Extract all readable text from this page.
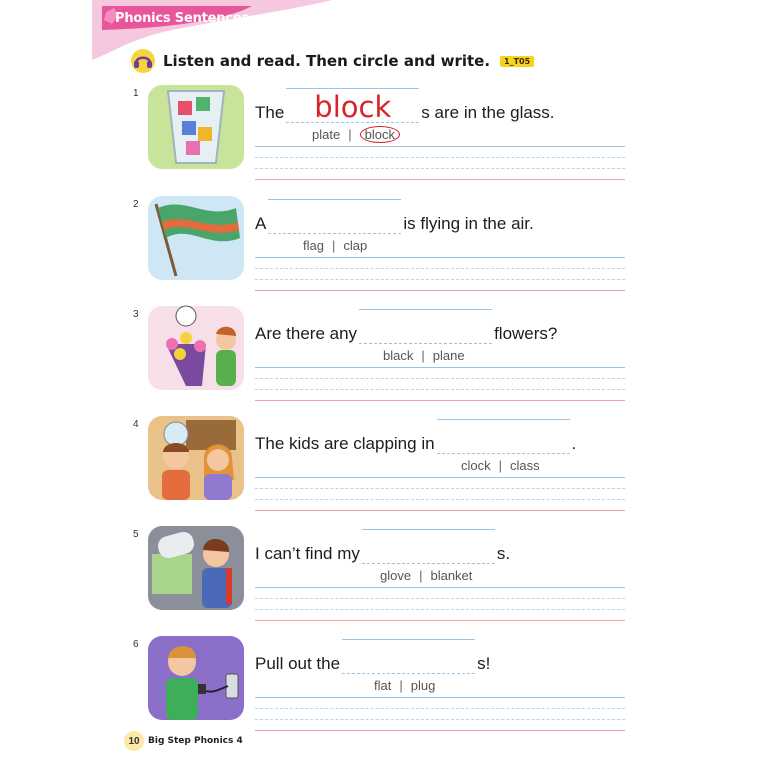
Phonics Sentences
Listen and read. Then circle and write.	1_T05
1
The block s are in the glass.
plate | block
2
A	is flying in the air.
flag | clap
3
Are there any	flowers?
black | plane
4
The kids are clapping in	.
clock | class
5
I can’t find my	s.
glove | blanket
6
Pull out the	s!
flat | plug
10 Big Step Phonics 4
